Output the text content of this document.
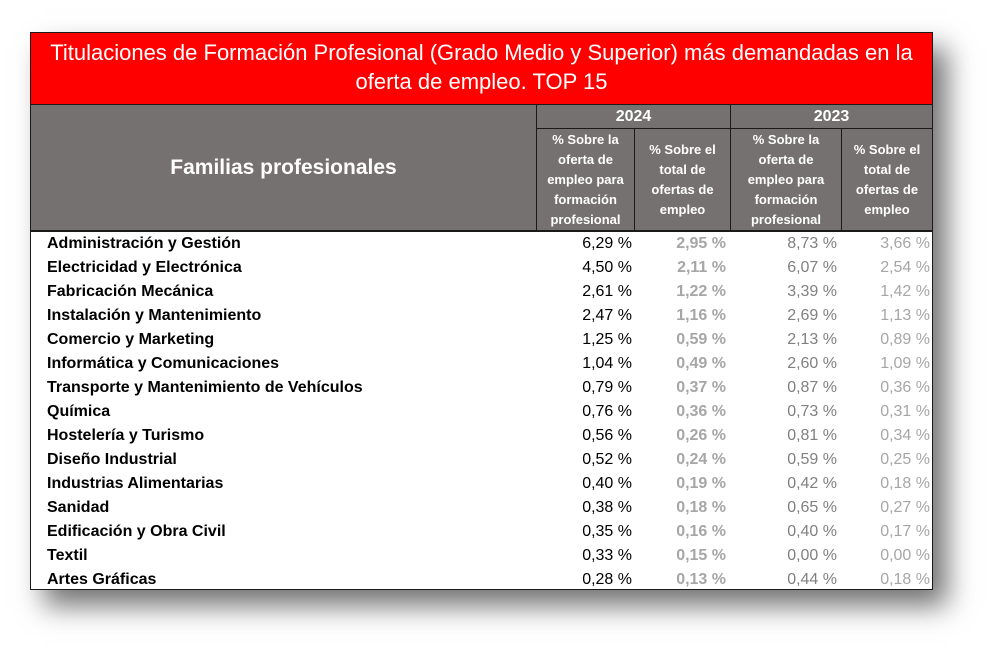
Titulaciones de Formación Profesional (Grado Medio y Superior) más demandadas en la oferta de empleo. TOP 15
Familias profesionales
2024	2023
% Sobre la oferta de empleo para formación profesional
% Sobre el total de ofertas de empleo
% Sobre la oferta de empleo para formación profesional
% Sobre el total de ofertas de empleo
Administración y Gestión	6,29 %	2,95 %	8,73 %	3,66 %
Electricidad y Electrónica	4,50 %	2,11 %	6,07 %	2,54 %
Fabricación Mecánica	2,61 %	1,22 %	3,39 %	1,42 %
Instalación y Mantenimiento	2,47 %	1,16 %	2,69 %	1,13 %
Comercio y Marketing	1,25 %	0,59 %	2,13 %	0,89 %
Informática y Comunicaciones	1,04 %	0,49 %	2,60 %	1,09 %
Transporte y Mantenimiento de Vehículos	0,79 %	0,37 %	0,87 %	0,36 %
Química	0,76 %	0,36 %	0,73 %	0,31 %
Hostelería y Turismo	0,56 %	0,26 %	0,81 %	0,34 %
Diseño Industrial	0,52 %	0,24 %	0,59 %	0,25 %
Industrias Alimentarias	0,40 %	0,19 %	0,42 %	0,18 %
Sanidad	0,38 %	0,18 %	0,65 %	0,27 %
Edificación y Obra Civil	0,35 %	0,16 %	0,40 %	0,17 %
Textil	0,33 %	0,15 %	0,00 %	0,00 %
Artes Gráficas	0,28 %	0,13 %	0,44 %	0,18 %
